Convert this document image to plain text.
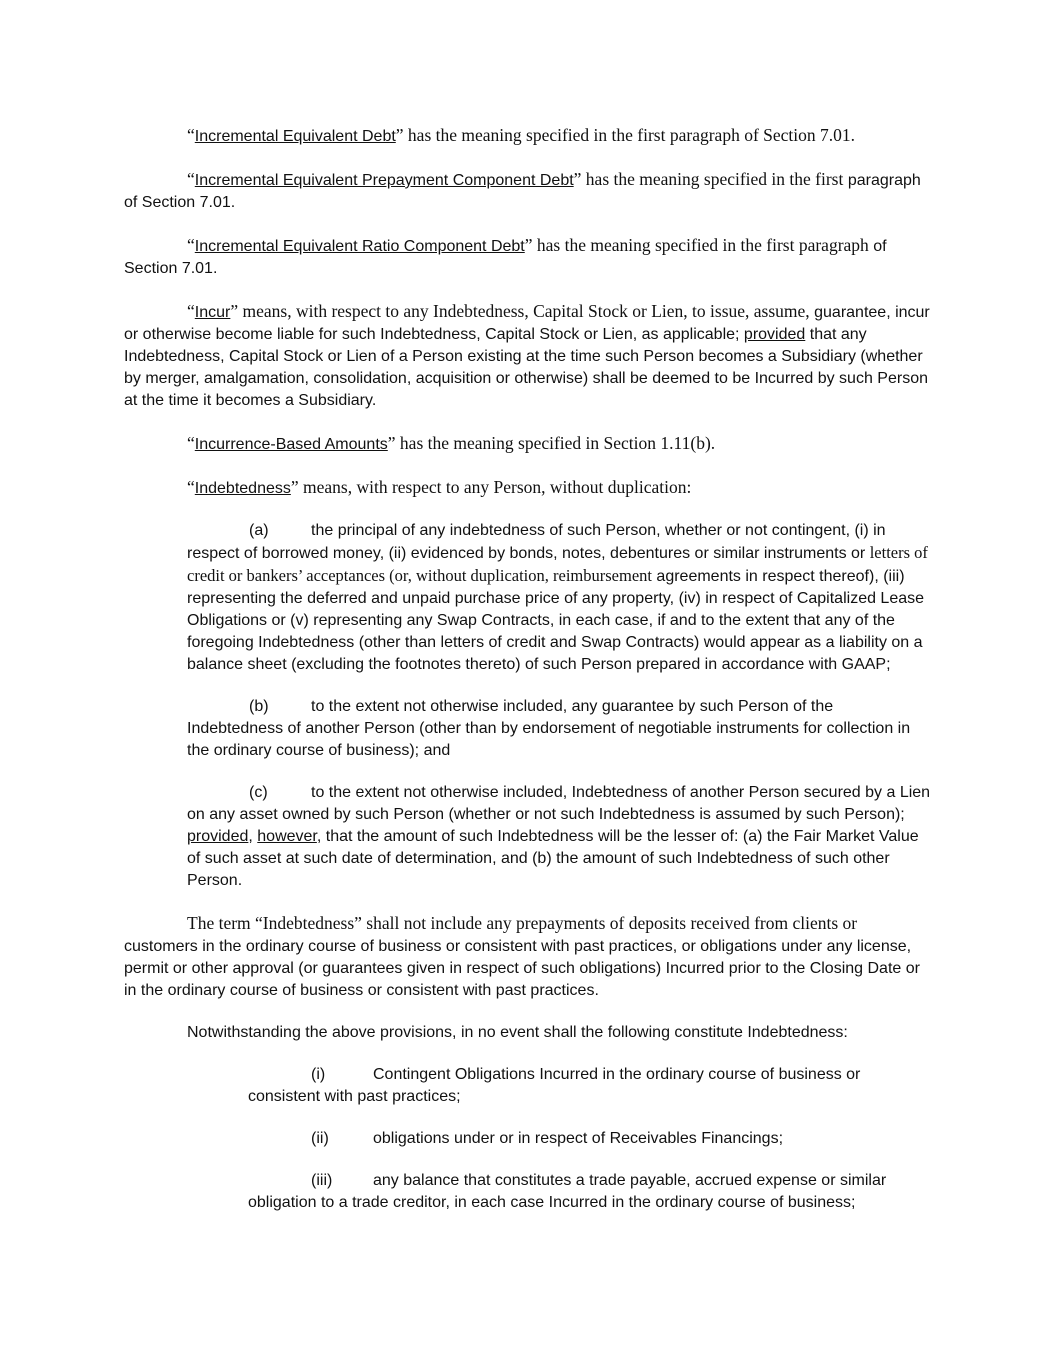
“Incremental Equivalent Debt” has the meaning specified in the first paragraph of Section 7.01.

“Incremental Equivalent Prepayment Component Debt” has the meaning specified in the first paragraph of Section 7.01.

“Incremental Equivalent Ratio Component Debt” has the meaning specified in the first paragraph of Section 7.01.

“Incur” means, with respect to any Indebtedness, Capital Stock or Lien, to issue, assume, guarantee, incur or otherwise become liable for such Indebtedness, Capital Stock or Lien, as applicable; provided that any Indebtedness, Capital Stock or Lien of a Person existing at the time such Person becomes a Subsidiary (whether by merger, amalgamation, consolidation, acquisition or otherwise) shall be deemed to be Incurred by such Person at the time it becomes a Subsidiary.

“Incurrence-Based Amounts” has the meaning specified in Section 1.11(b).

“Indebtedness” means, with respect to any Person, without duplication:

(a)	the principal of any indebtedness of such Person, whether or not contingent, (i) in respect of borrowed money, (ii) evidenced by bonds, notes, debentures or similar instruments or letters of credit or bankers’ acceptances (or, without duplication, reimbursement agreements in respect thereof), (iii) representing the deferred and unpaid purchase price of any property, (iv) in respect of Capitalized Lease Obligations or (v) representing any Swap Contracts, in each case, if and to the extent that any of the foregoing Indebtedness (other than letters of credit and Swap Contracts) would appear as a liability on a balance sheet (excluding the footnotes thereto) of such Person prepared in accordance with GAAP;

(b)	to the extent not otherwise included, any guarantee by such Person of the Indebtedness of another Person (other than by endorsement of negotiable instruments for collection in the ordinary course of business); and

(c)	to the extent not otherwise included, Indebtedness of another Person secured by a Lien on any asset owned by such Person (whether or not such Indebtedness is assumed by such Person); provided, however, that the amount of such Indebtedness will be the lesser of: (a) the Fair Market Value of such asset at such date of determination, and (b) the amount of such Indebtedness of such other Person.

The term “Indebtedness” shall not include any prepayments of deposits received from clients or customers in the ordinary course of business or consistent with past practices, or obligations under any license, permit or other approval (or guarantees given in respect of such obligations) Incurred prior to the Closing Date or in the ordinary course of business or consistent with past practices.

Notwithstanding the above provisions, in no event shall the following constitute Indebtedness:

(i)	Contingent Obligations Incurred in the ordinary course of business or consistent with past practices;

(ii)	obligations under or in respect of Receivables Financings;

(iii)	any balance that constitutes a trade payable, accrued expense or similar obligation to a trade creditor, in each case Incurred in the ordinary course of business;
